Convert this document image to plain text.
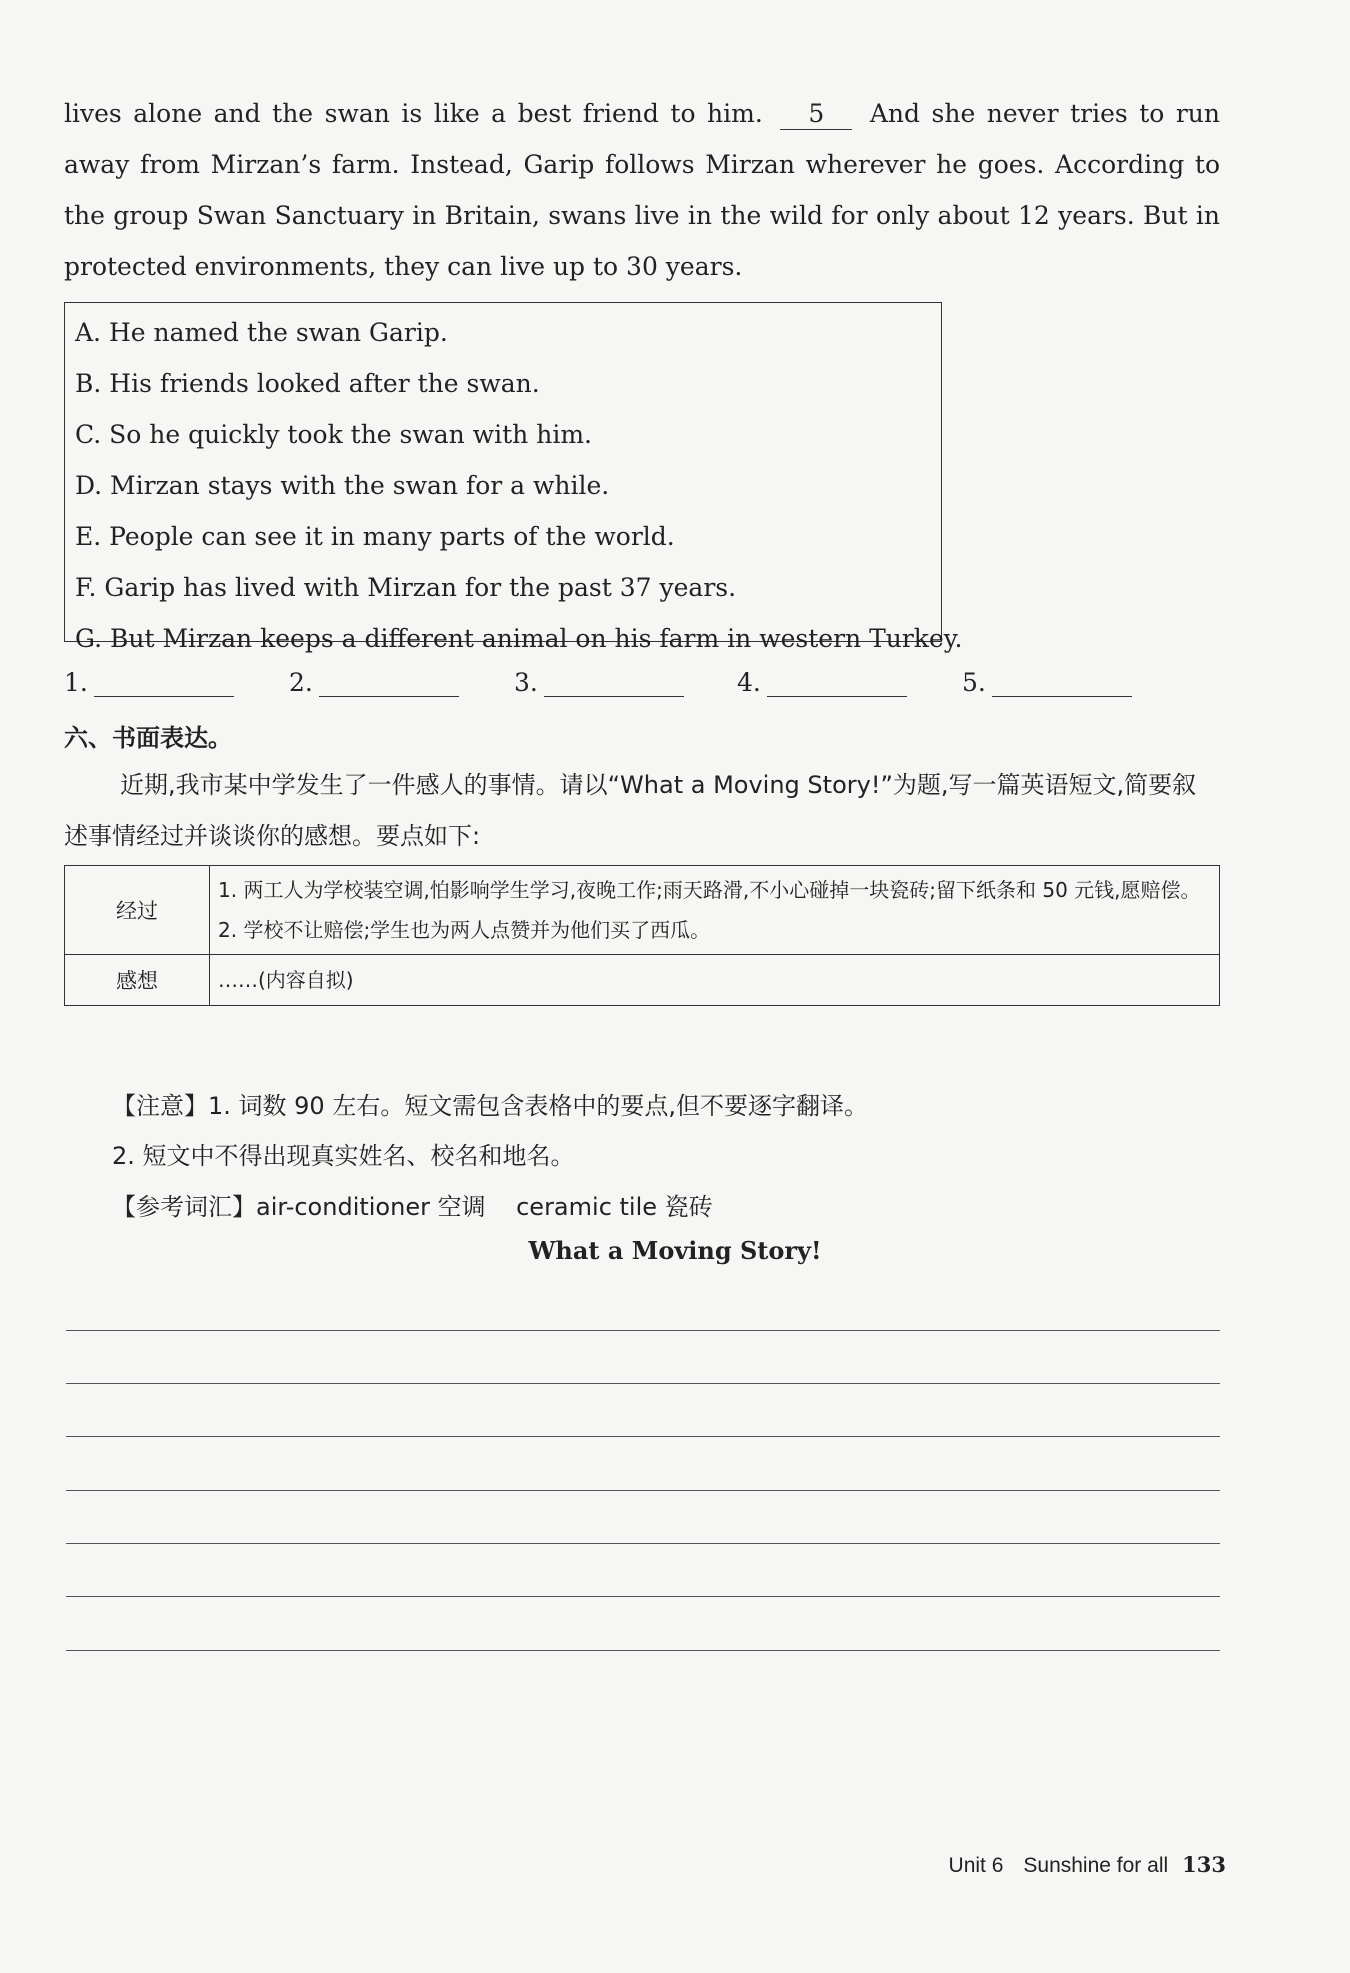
lives alone and the swan is like a best friend to him. 5 And she never tries to run away from Mirzan’s farm. Instead, Garip follows Mirzan wherever he goes. According to the group Swan Sanctuary in Britain, swans live in the wild for only about 12 years. But in protected environments, they can live up to 30 years.
A. He named the swan Garip.
B. His friends looked after the swan.
C. So he quickly took the swan with him.
D. Mirzan stays with the swan for a while.
E. People can see it in many parts of the world.
F. Garip has lived with Mirzan for the past 37 years.
G. But Mirzan keeps a different animal on his farm in western Turkey.
1.	2.	3.	4.	5.
六、书面表达。
近期,我市某中学发生了一件感人的事情。请以“What a Moving Story!”为题,写一篇英语短文,简要叙述事情经过并谈谈你的感想。要点如下:
经过	1. 两工人为学校装空调,怕影响学生学习,夜晚工作;雨天路滑,不小心碰掉一块瓷砖;留下纸条和 50 元钱,愿赔偿。
2. 学校不让赔偿;学生也为两人点赞并为他们买了西瓜。

感想	……(内容自拟)
【注意】1. 词数 90 左右。短文需包含表格中的要点,但不要逐字翻译。
2. 短文中不得出现真实姓名、校名和地名。
【参考词汇】air-conditioner 空调    ceramic tile 瓷砖
What a Moving Story!
Unit 6 Sunshine for all 133
